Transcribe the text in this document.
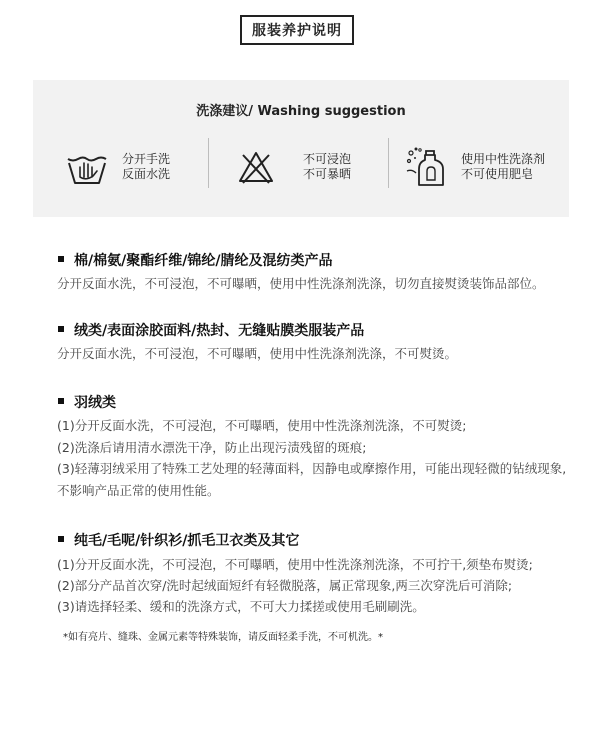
服装养护说明
洗涤建议/ Washing suggestion
分开手洗
反面水洗
不可浸泡
不可暴晒
使用中性洗涤剂
不可使用肥皂
棉/棉氨/聚酯纤维/锦纶/腈纶及混纺类产品
分开反面水洗，不可浸泡，不可曝晒，使用中性洗涤剂洗涤，切勿直接熨烫装饰品部位。
绒类/表面涂胶面料/热封、无缝贴膜类服装产品
分开反面水洗，不可浸泡，不可曝晒，使用中性洗涤剂洗涤，不可熨烫。
羽绒类
(1)分开反面水洗，不可浸泡，不可曝晒，使用中性洗涤剂洗涤，不可熨烫;
(2)洗涤后请用清水漂洗干净，防止出现污渍残留的斑痕;
(3)轻薄羽绒采用了特殊工艺处理的轻薄面料，因静电或摩擦作用，可能出现轻微的钻绒现象,
不影响产品正常的使用性能。
纯毛/毛呢/针织衫/抓毛卫衣类及其它
(1)分开反面水洗，不可浸泡，不可曝晒，使用中性洗涤剂洗涤，不可拧干,须垫布熨烫;
(2)部分产品首次穿/洗时起绒面短纤有轻微脱落，属正常现象,两三次穿洗后可消除;
(3)请选择轻柔、缓和的洗涤方式，不可大力揉搓或使用毛刷刷洗。
*如有亮片、缝珠、金属元素等特殊装饰，请反面轻柔手洗，不可机洗。*
